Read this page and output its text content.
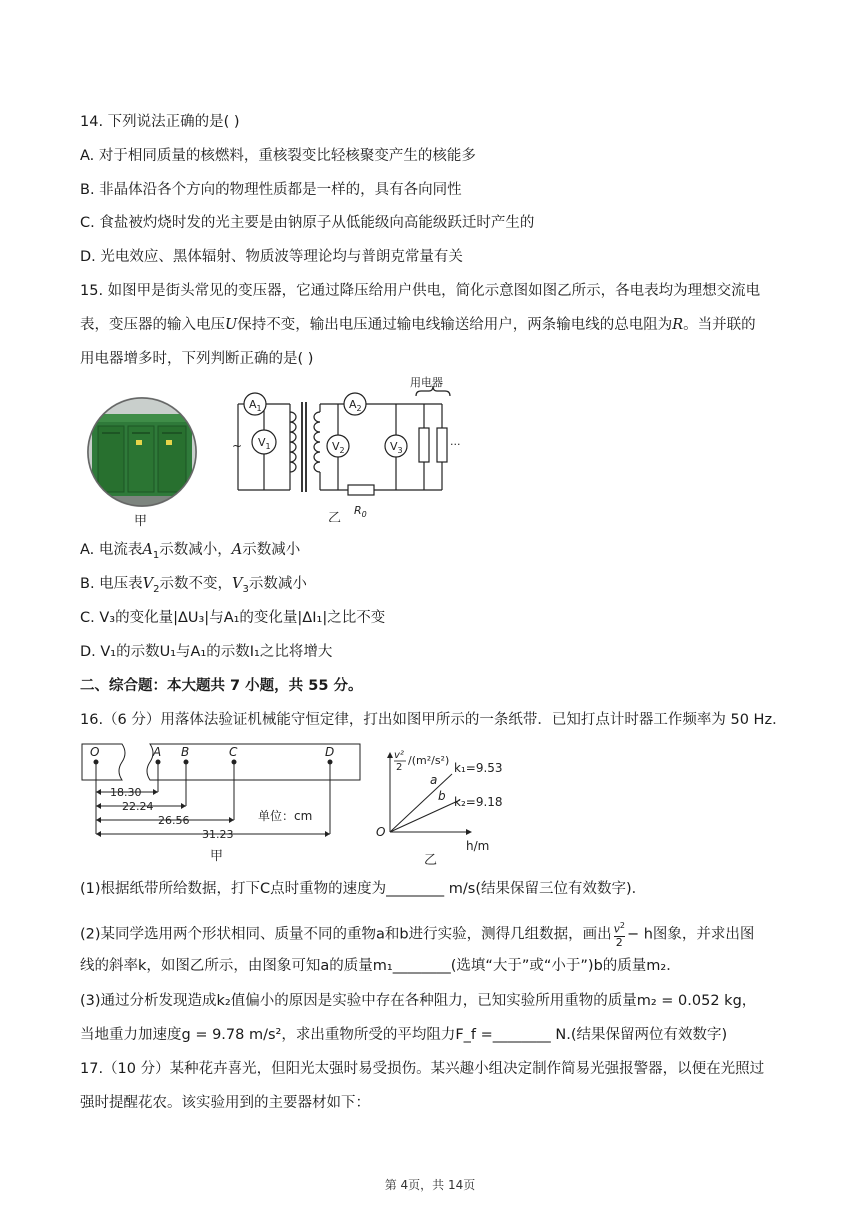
14. 下列说法正确的是( )
A. 对于相同质量的核燃料，重核裂变比轻核聚变产生的核能多
B. 非晶体沿各个方向的物理性质都是一样的，具有各向同性
C. 食盐被灼烧时发的光主要是由钠原子从低能级向高能级跃迁时产生的
D. 光电效应、黑体辐射、物质波等理论均与普朗克常量有关
15. 如图甲是街头常见的变压器，它通过降压给用户供电，简化示意图如图乙所示，各电表均为理想交流电
表，变压器的输入电压U保持不变，输出电压通过输电线输送给用户，两条输电线的总电阻为R。当并联的
用电器增多时，下列判断正确的是( )
甲
$A_1$
$V_1$	$V_2$
$A_2$
$V_3$
~	···
用电器
$R_0$
乙
A. 电流表$A_1$示数减小，A示数减小
B. 电压表$V_2$示数不变，$V_3$示数减小
C. V₃的变化量|ΔU₃|与A₁的变化量|ΔI₁|之比不变
D. V₁的示数U₁与A₁的示数I₁之比将增大
二、综合题：本大题共 7 小题，共 55 分。
16.（6 分）用落体法验证机械能守恒定律，打出如图甲所示的一条纸带．已知打点计时器工作频率为 50 Hz．
O	A B	C	D
单位：cm
18.30
22.24
26.56
31.23
甲
v²
2
/(m²/s²)
O
h/m
a
b
k₁=9.53
k₂=9.18
乙
(1)根据纸带所给数据，打下C点时重物的速度为________ m/s(结果保留三位有效数字)．
(2)某同学选用两个形状相同、质量不同的重物a和b进行实验，测得几组数据，画出 $v^2$
2 − h图象，并求出图
线的斜率k，如图乙所示，由图象可知a的质量m₁________(选填“大于”或“小于”)b的质量m₂．
(3)通过分析发现造成k₂值偏小的原因是实验中存在各种阻力，已知实验所用重物的质量m₂ = 0.052 kg，
当地重力加速度g = 9.78 m/s²，求出重物所受的平均阻力F_f =________ N.(结果保留两位有效数字)
17.（10 分）某种花卉喜光，但阳光太强时易受损伤。某兴趣小组决定制作简易光强报警器，以便在光照过
强时提醒花农。该实验用到的主要器材如下：
第 4页，共 14页
